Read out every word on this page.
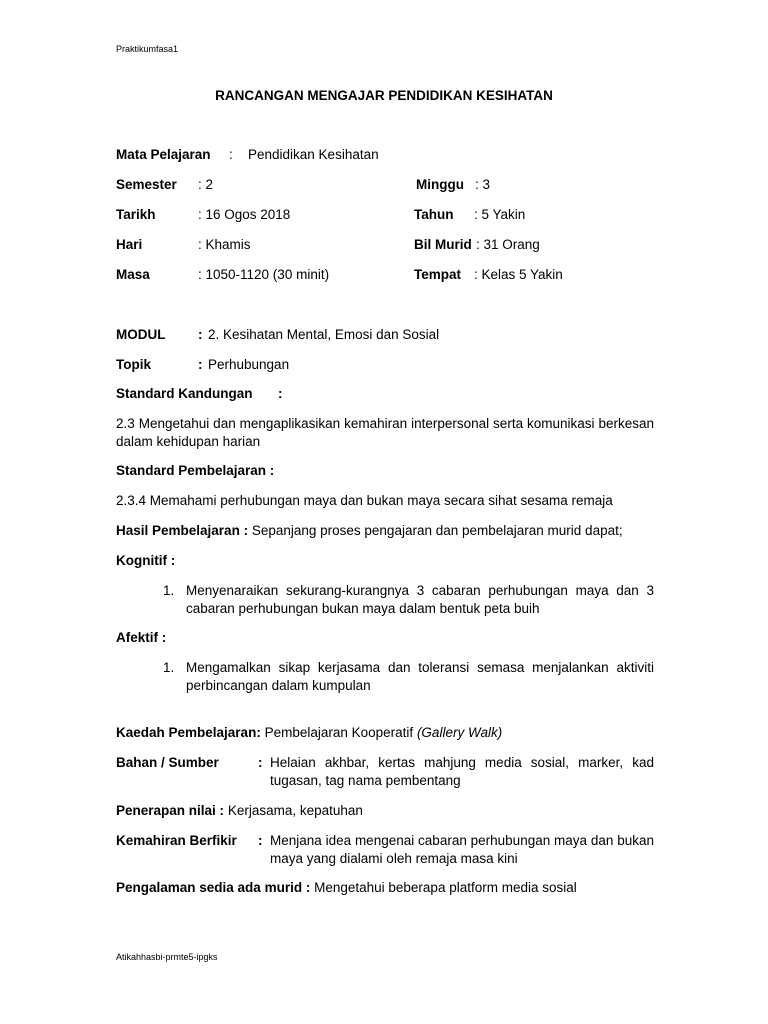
Praktikumfasa1
RANCANGAN MENGAJAR PENDIDIKAN KESIHATAN
Mata Pelajaran : Pendidikan Kesihatan
Semester : 2	Minggu : 3
Tarikh	: 16 Ogos 2018	Tahun : 5 Yakin
Hari	: Khamis	Bil Murid : 31 Orang
Masa	: 1050-1120 (30 minit)	Tempat : Kelas 5 Yakin
MODUL : 2. Kesihatan Mental, Emosi dan Sosial
Topik	: Perhubungan
Standard Kandungan :
2.3 Mengetahui dan mengaplikasikan kemahiran interpersonal serta komunikasi berkesan dalam kehidupan harian
Standard Pembelajaran :
2.3.4 Memahami perhubungan maya dan bukan maya secara sihat sesama remaja
Hasil Pembelajaran : Sepanjang proses pengajaran dan pembelajaran murid dapat;
Kognitif :
1. Menyenaraikan sekurang-kurangnya 3 cabaran perhubungan maya dan 3 cabaran perhubungan bukan maya dalam bentuk peta buih
Afektif :
1. Mengamalkan sikap kerjasama dan toleransi semasa menjalankan aktiviti perbincangan dalam kumpulan
Kaedah Pembelajaran: Pembelajaran Kooperatif (Gallery Walk)
Bahan / Sumber	: Helaian akhbar, kertas mahjung media sosial, marker, kad tugasan, tag nama pembentang
Penerapan nilai : Kerjasama, kepatuhan
Kemahiran Berfikir : Menjana idea mengenai cabaran perhubungan maya dan bukan maya yang dialami oleh remaja masa kini
Pengalaman sedia ada murid : Mengetahui beberapa platform media sosial
Atikahhasbi-prmte5-ipgks
